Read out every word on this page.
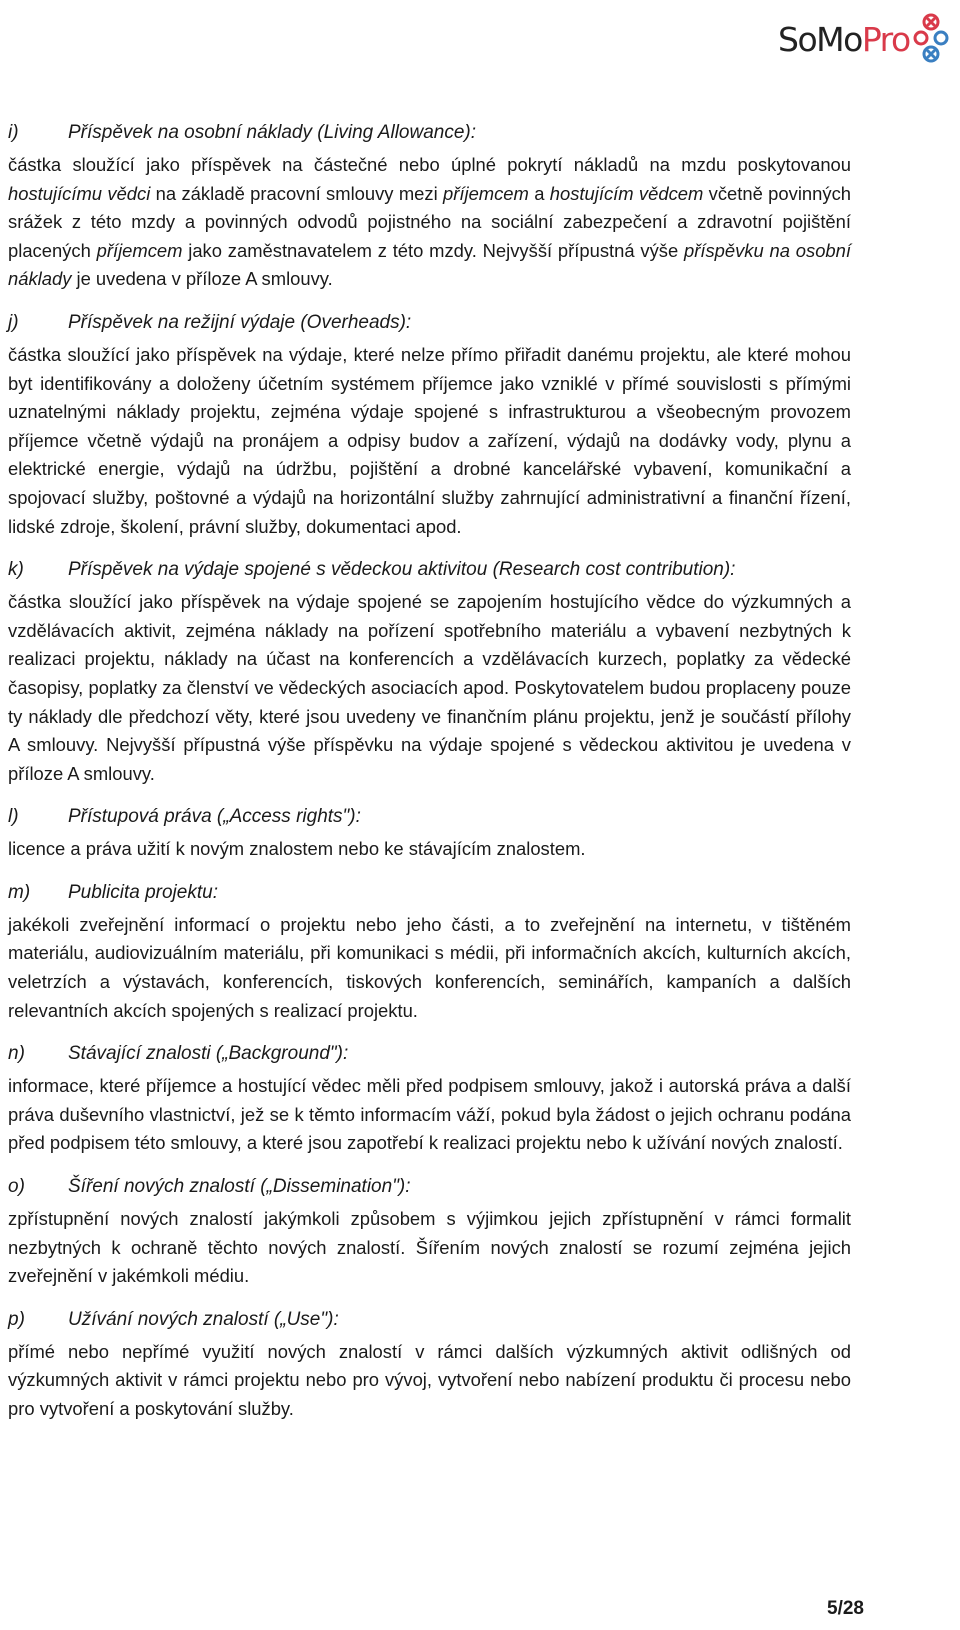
SoMoPro
i)	Příspěvek na osobní náklady (Living Allowance):
částka sloužící jako příspěvek na částečné nebo úplné pokrytí nákladů na mzdu poskytovanou hostujícímu vědci na základě pracovní smlouvy mezi příjemcem a hostujícím vědcem včetně povinných srážek z této mzdy a povinných odvodů pojistného na sociální zabezpečení a zdravotní pojištění placených příjemcem jako zaměstnavatelem z této mzdy. Nejvyšší přípustná výše příspěvku na osobní náklady je uvedena v příloze A smlouvy.
j)	Příspěvek na režijní výdaje (Overheads):
částka sloužící jako příspěvek na výdaje, které nelze přímo přiřadit danému projektu, ale které mohou byt identifikovány a doloženy účetním systémem příjemce jako vzniklé v přímé souvislosti s přímými uznatelnými náklady projektu, zejména výdaje spojené s infrastrukturou a všeobecným provozem příjemce včetně výdajů na pronájem a odpisy budov a zařízení, výdajů na dodávky vody, plynu a elektrické energie, výdajů na údržbu, pojištění a drobné kancelářské vybavení, komunikační a spojovací služby, poštovné a výdajů na horizontální služby zahrnující administrativní a finanční řízení, lidské zdroje, školení, právní služby, dokumentaci apod.
k) Příspěvek na výdaje spojené s vědeckou aktivitou (Research cost contribution):
částka sloužící jako příspěvek na výdaje spojené se zapojením hostujícího vědce do výzkumných a vzdělávacích aktivit, zejména náklady na pořízení spotřebního materiálu a vybavení nezbytných k realizaci projektu, náklady na účast na konferencích a vzdělávacích kurzech, poplatky za vědecké časopisy, poplatky za členství ve vědeckých asociacích apod. Poskytovatelem budou proplaceny pouze ty náklady dle předchozí věty, které jsou uvedeny ve finančním plánu projektu, jenž je součástí přílohy A smlouvy. Nejvyšší přípustná výše příspěvku na výdaje spojené s vědeckou aktivitou je uvedena v příloze A smlouvy.
l)	Přístupová práva („Access rights"):
licence a práva užití k novým znalostem nebo ke stávajícím znalostem.
m) Publicita projektu:
jakékoli zveřejnění informací o projektu nebo jeho části, a to zveřejnění na internetu, v tištěném materiálu, audiovizuálním materiálu, při komunikaci s médii, při informačních akcích, kulturních akcích, veletrzích a výstavách, konferencích, tiskových konferencích, seminářích, kampaních a dalších relevantních akcích spojených s realizací projektu.
n) Stávající znalosti („Background"):
informace, které příjemce a hostující vědec měli před podpisem smlouvy, jakož i autorská práva a další práva duševního vlastnictví, jež se k těmto informacím váží, pokud byla žádost o jejich ochranu podána před podpisem této smlouvy, a které jsou zapotřebí k realizaci projektu nebo k užívání nových znalostí.
o) Šíření nových znalostí („Dissemination"):
zpřístupnění nových znalostí jakýmkoli způsobem s výjimkou jejich zpřístupnění v rámci formalit nezbytných k ochraně těchto nových znalostí. Šířením nových znalostí se rozumí zejména jejich zveřejnění v jakémkoli médiu.
p) Užívání nových znalostí („Use"):
přímé nebo nepřímé využití nových znalostí v rámci dalších výzkumných aktivit odlišných od výzkumných aktivit v rámci projektu nebo pro vývoj, vytvoření nebo nabízení produktu či procesu nebo pro vytvoření a poskytování služby.
5/28
